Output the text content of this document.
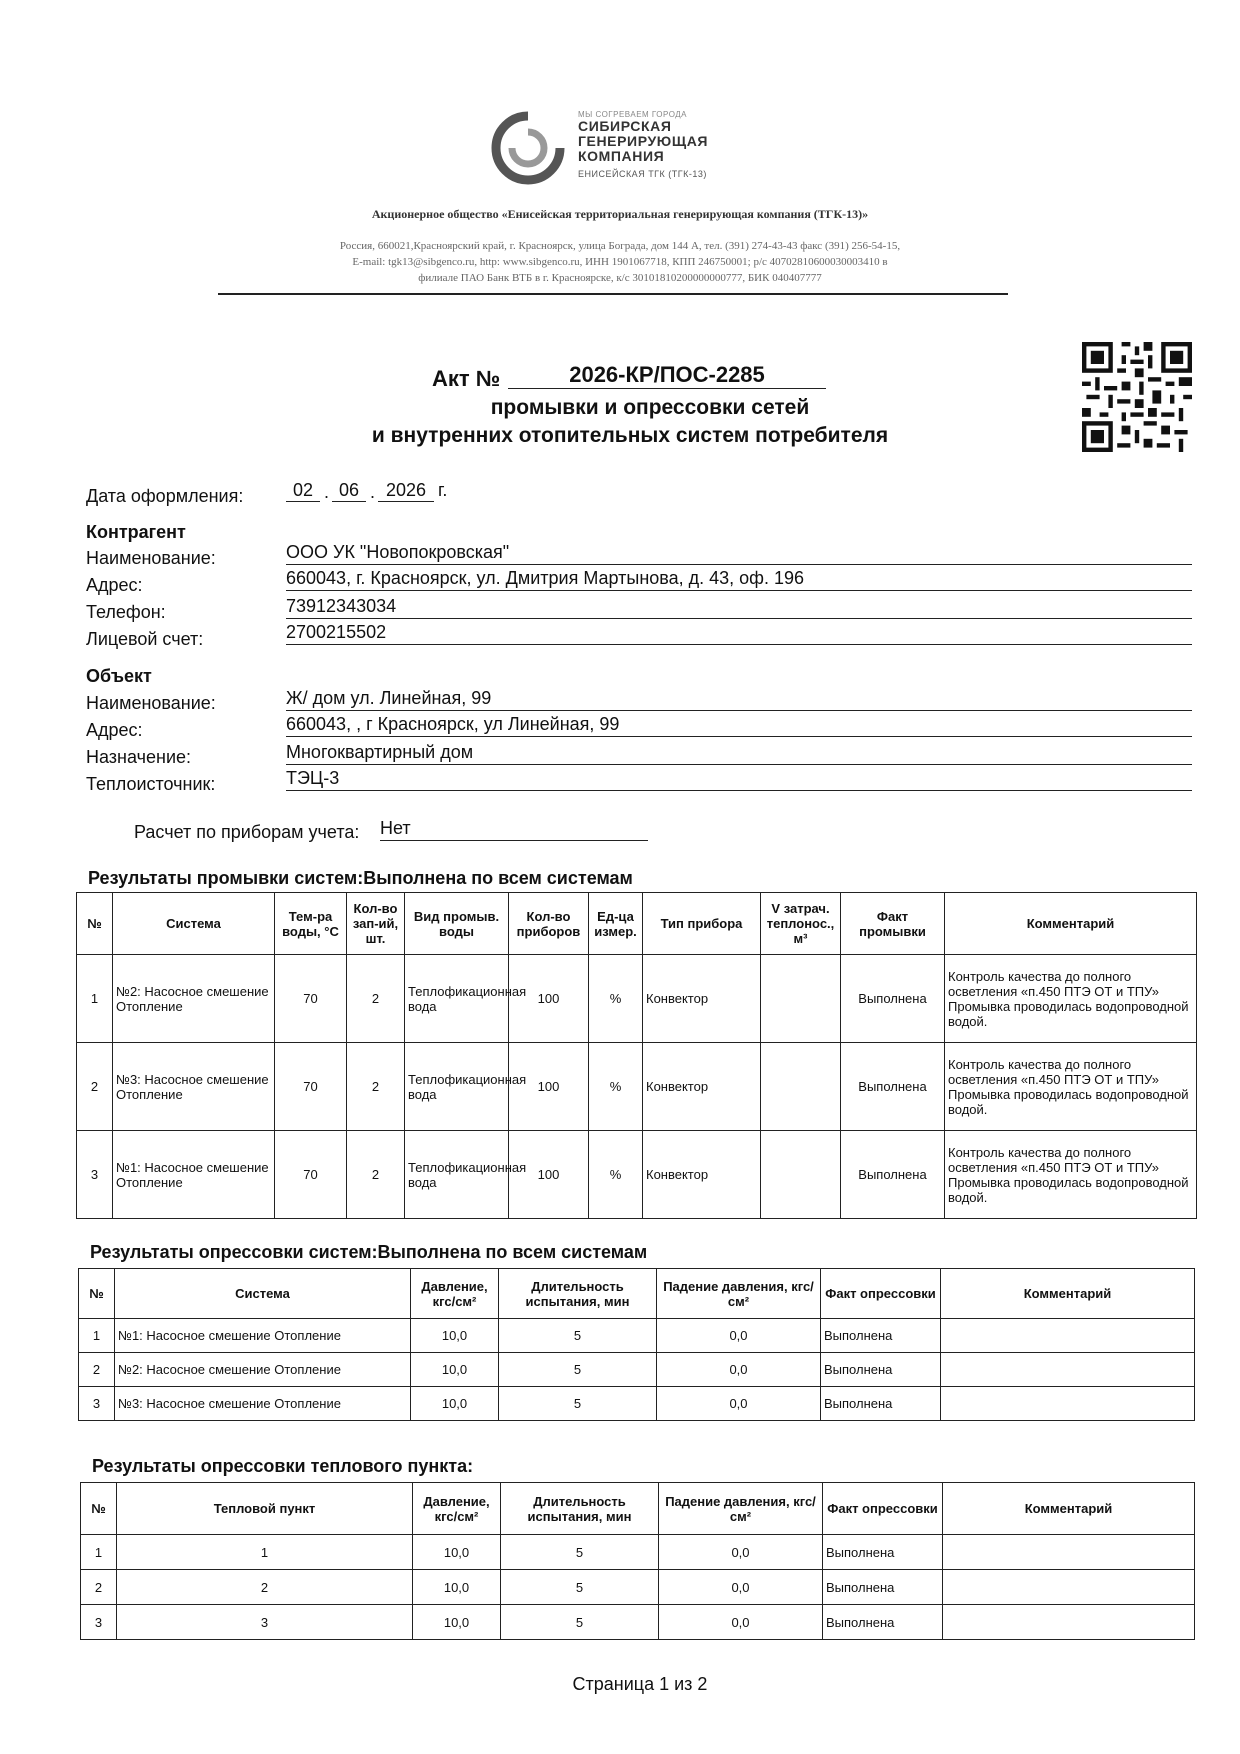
МЫ СОГРЕВАЕМ ГОРОДА
СИБИРСКАЯ
ГЕНЕРИРУЮЩАЯ
КОМПАНИЯ
ЕНИСЕЙСКАЯ ТГК (ТГК-13)
Акционерное общество «Енисейская территориальная генерирующая компания (ТГК-13)»
Россия, 660021,Красноярский край, г. Красноярск, улица Бограда, дом 144 А, тел. (391) 274-43-43 факс (391) 256-54-15,
E-mail: tgk13@sibgenco.ru, http: www.sibgenco.ru, ИНН 1901067718, КПП 246750001; р/с 40702810600030003410 в
филиале ПАО Банк ВТБ в г. Красноярске, к/с 30101810200000000777, БИК 040407777
Акт №	2026-КР/ПОС-2285
промывки и опрессовки сетей
и внутренних отопительных систем потребителя
Дата оформления:	02 . 06 . 2026 г.
Контрагент
Наименование:	ООО УК "Новопокровская"
Адрес:	660043, г. Красноярск, ул. Дмитрия Мартынова, д. 43, оф. 196
Телефон:	73912343034
Лицевой счет:	2700215502
Объект
Наименование:	Ж/ дом ул. Линейная, 99
Адрес:	660043, , г Красноярск, ул Линейная, 99
Назначение:	Многоквартирный дом
Теплоисточник:	ТЭЦ-3
Расчет по приборам учета: Нет
Результаты промывки систем:Выполнена по всем системам
№	Система	Тем-ра воды, °С	Кол-во зап-ий, шт.	Вид промыв. воды	Кол-во приборов	Ед-ца измер.	Тип прибора	V затрач. теплонос., м³	Факт промывки	Комментарий
1	№2: Насосное смешение Отопление	70	2	Теплофикационная вода	100	%	Конвектор		Выполнена	Контроль качества до полного осветления «п.450 ПТЭ ОТ и ТПУ»
Промывка проводилась водопроводной водой.

2	№3: Насосное смешение Отопление	70	2	Теплофикационная вода	100	%	Конвектор		Выполнена	Контроль качества до полного осветления «п.450 ПТЭ ОТ и ТПУ»
Промывка проводилась водопроводной водой.

3	№1: Насосное смешение Отопление	70	2	Теплофикационная вода	100	%	Конвектор		Выполнена	Контроль качества до полного осветления «п.450 ПТЭ ОТ и ТПУ»
Промывка проводилась водопроводной водой.
Результаты опрессовки систем:Выполнена по всем системам
№	Система	Давление, кгс/см²	Длительность испытания, мин	Падение давления, кгс/см²	Факт опрессовки	Комментарий
1	№1: Насосное смешение Отопление	10,0	5	0,0	Выполнена	
2	№2: Насосное смешение Отопление	10,0	5	0,0	Выполнена	
3	№3: Насосное смешение Отопление	10,0	5	0,0	Выполнена	
Результаты опрессовки теплового пункта:
№	Тепловой пункт	Давление, кгс/см²	Длительность испытания, мин	Падение давления, кгс/см²	Факт опрессовки	Комментарий
1	1	10,0	5	0,0	Выполнена	
2	2	10,0	5	0,0	Выполнена	
3	3	10,0	5	0,0	Выполнена	
Страница 1 из 2
